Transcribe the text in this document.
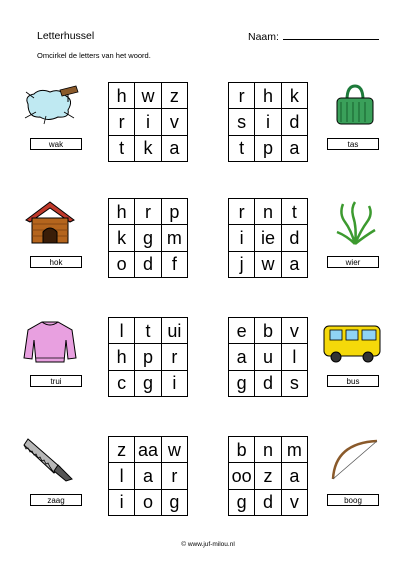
Letterhussel	Naam:
Omcirkel de letters van het woord.
wak
h w z
r	i	v
t	k a
r	h k
s	i	d
t	p a	tas
hok
h	r	p
k g m
o d	f
r	n	t
i ie d
j w a	wier
trui
l	t ui
h p	r
c g	i
e b v
a u	l
g d s	bus
zaag
z aa w
l	a	r
i	o g
b n m
oo z a
g d v	boog
© www.juf-milou.nl
